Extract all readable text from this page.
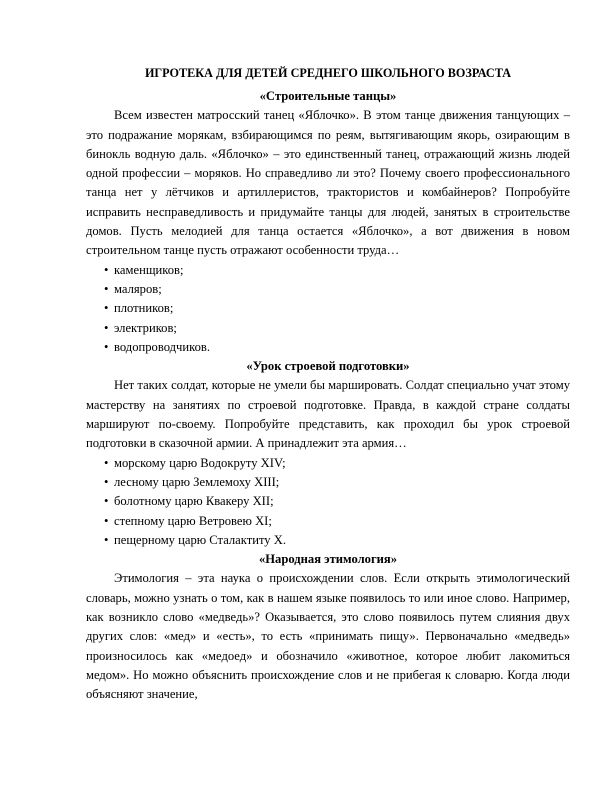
ИГРОТЕКА ДЛЯ ДЕТЕЙ СРЕДНЕГО ШКОЛЬНОГО ВОЗРАСТА
«Строительные танцы»

Всем известен матросский танец «Яблочко». В этом танце движения танцующих – это подражание морякам, взбирающимся по реям, вытягивающим якорь, озирающим в бинокль водную даль. «Яблочко» – это единственный танец, отражающий жизнь людей одной профессии – моряков. Но справедливо ли это? Почему своего профессионального танца нет у лётчиков и артиллеристов, трактористов и комбайнеров? Попробуйте исправить несправедливость и придумайте танцы для людей, занятых в строительстве домов. Пусть мелодией для танца остается «Яблочко», а вот движения в новом строительном танце пусть отражают особенности труда…

• каменщиков;
• маляров;
• плотников;
• электриков;
• водопроводчиков.
«Урок строевой подготовки»

Нет таких солдат, которые не умели бы маршировать. Солдат специально учат этому мастерству на занятиях по строевой подготовке. Правда, в каждой стране солдаты маршируют по-своему. Попробуйте представить, как проходил бы урок строевой подготовки в сказочной армии. А принадлежит эта армия…

• морскому царю Водокруту XIV;
• лесному царю Землемоху XIII;
• болотному царю Квакеру XII;
• степному царю Ветровею XI;
• пещерному царю Сталактиту X.
«Народная этимология»

Этимология – эта наука о происхождении слов. Если открыть этимологический словарь, можно узнать о том, как в нашем языке появилось то или иное слово. Например, как возникло слово «медведь»? Оказывается, это слово появилось путем слияния двух других слов: «мед» и «есть», то есть «принимать пищу». Первоначально «медведь» произносилось как «медоед» и обозначило «животное, которое любит лакомиться медом». Но можно объяснить происхождение слов и не прибегая к словарю. Когда люди объясняют значение,
